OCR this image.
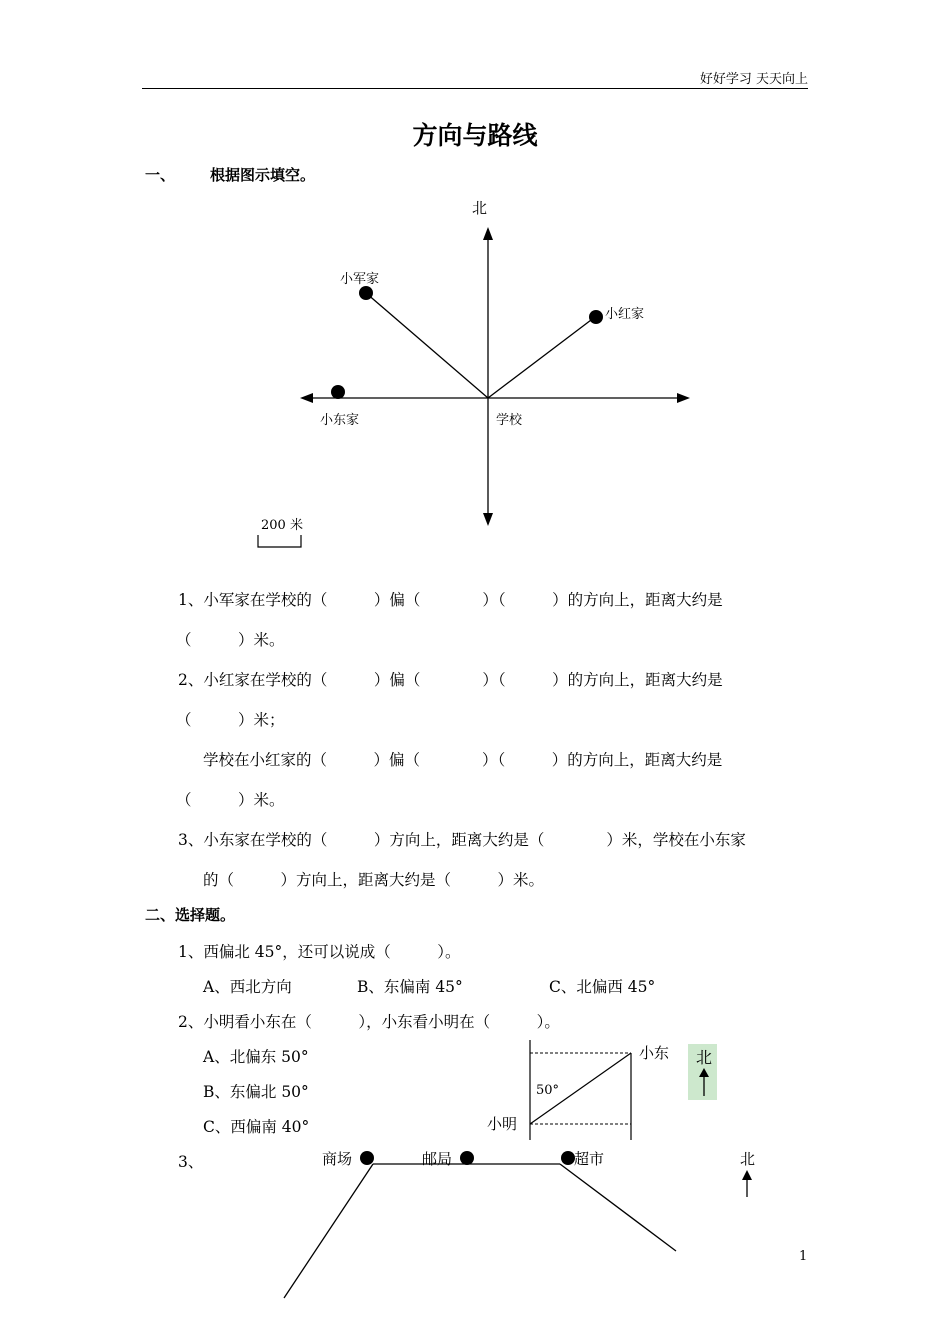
好好学习 天天向上
方向与路线
一、 根据图示填空。
北
小军家
小红家
小东家	学校
200 米
1、小军家在学校的（　　　）偏（　　　　）（　　　）的方向上，距离大约是
（　　　）米。
2、小红家在学校的（　　　）偏（　　　　）（　　　）的方向上，距离大约是
（　　　）米；
学校在小红家的（　　　）偏（　　　　）（　　　）的方向上，距离大约是
（　　　）米。
3、小东家在学校的（　　　）方向上，距离大约是（　　　　）米，学校在小东家
的（　　　）方向上，距离大约是（　　　）米。
二、选择题。
1、西偏北 45°，还可以说成（　　　）。
A、西北方向	B、东偏南 45°	C、北偏西 45°
2、小明看小东在（　　　），小东看小明在（　　　）。
A、北偏东 50°
B、东偏北 50°
C、西偏南 40°
50°
小东
小明
北
3、	商场	邮局	超市	北
1
